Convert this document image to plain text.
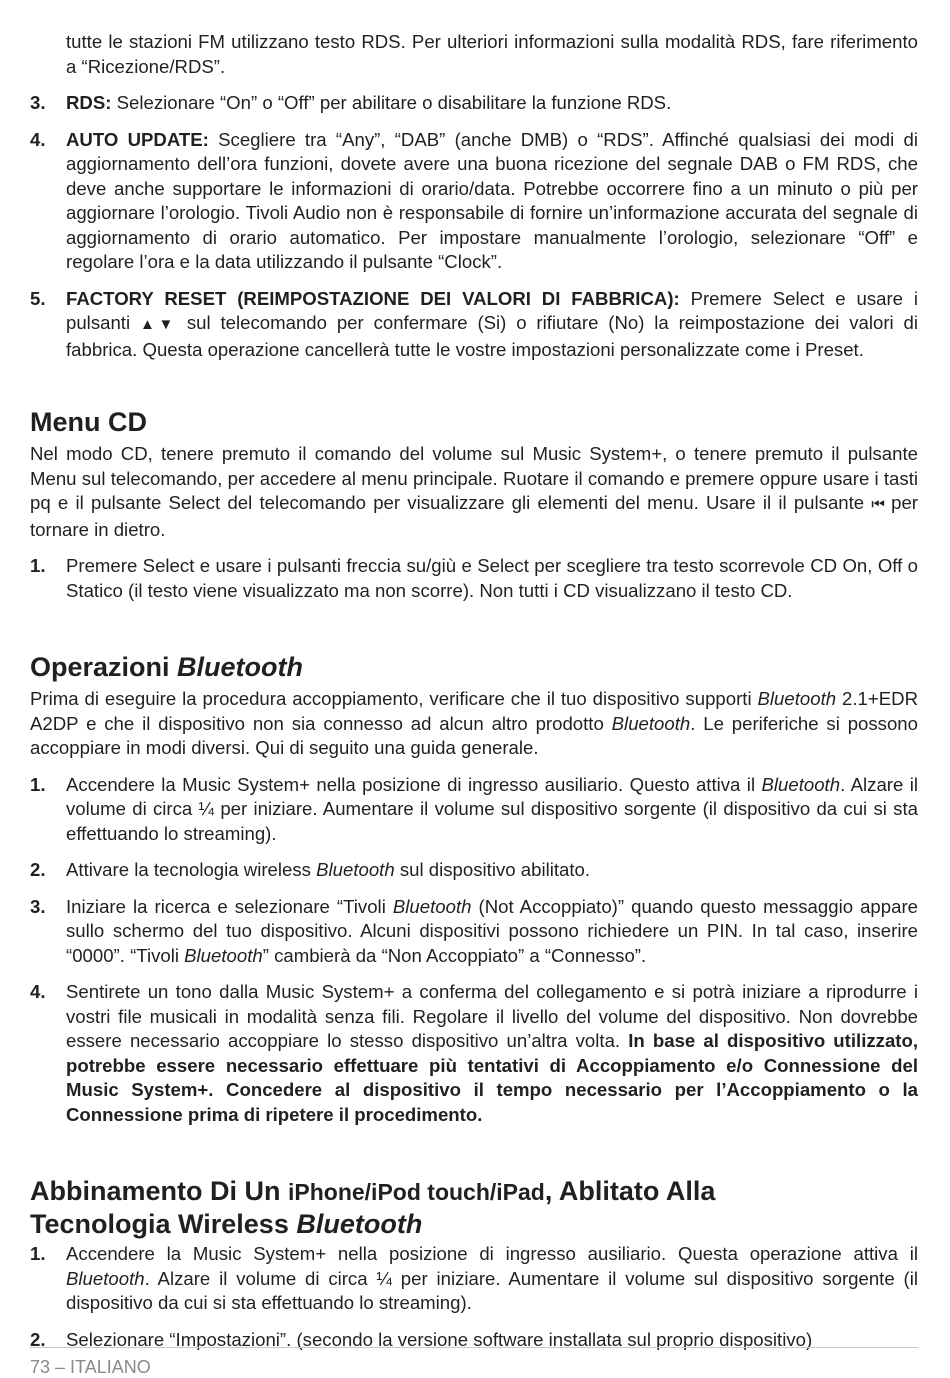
tutte le stazioni FM utilizzano testo RDS. Per ulteriori informazioni sulla modalità RDS, fare riferimento a “Ricezione/RDS”.

3.	RDS: Selezionare “On” o “Off” per abilitare o disabilitare la funzione RDS.

4.	AUTO UPDATE: Scegliere tra “Any”, “DAB” (anche DMB) o “RDS”. Affinché qualsiasi dei modi di aggiornamento dell’ora funzioni, dovete avere una buona ricezione del segnale DAB o FM RDS, che deve anche supportare le informazioni di orario/data. Potrebbe occorrere fino a un minuto o più per aggiornare l’orologio. Tivoli Audio non è responsabile di fornire un’informazione accurata del segnale di aggiornamento di orario automatico. Per impostare manualmente l’orologio, selezionare “Off” e regolare l’ora e la data utilizzando il pulsante “Clock”.

5.	FACTORY RESET (REIMPOSTAZIONE DEI VALORI DI FABBRICA): Premere Select e usare i pulsanti ▲▼ sul telecomando per confermare (Si) o rifiutare (No) la reimpostazione dei valori di fabbrica. Questa operazione cancellerà tutte le vostre impostazioni personalizzate come i Preset.

Menu CD

Nel modo CD, tenere premuto il comando del volume sul Music System+, o tenere premuto il pulsante Menu sul telecomando, per accedere al menu principale. Ruotare il comando e premere oppure usare i tasti pq e il pulsante Select del telecomando per visualizzare gli elementi del menu. Usare il il pulsante ⏮ per tornare in dietro.

1.	Premere Select e usare i pulsanti freccia su/giù e Select per scegliere tra testo scorrevole CD On, Off o Statico (il testo viene visualizzato ma non scorre). Non tutti i CD visualizzano il testo CD.

Operazioni Bluetooth

Prima di eseguire la procedura accoppiamento, verificare che il tuo dispositivo supporti Bluetooth 2.1+EDR A2DP e che il dispositivo non sia connesso ad alcun altro prodotto Bluetooth. Le periferiche si possono accoppiare in modi diversi. Qui di seguito una guida generale.

1.	Accendere la Music System+ nella posizione di ingresso ausiliario. Questo attiva il Bluetooth. Alzare il volume di circa ¼ per iniziare. Aumentare il volume sul dispositivo sorgente (il dispositivo da cui si sta effettuando lo streaming).

2.	Attivare la tecnologia wireless Bluetooth sul dispositivo abilitato.

3.	Iniziare la ricerca e selezionare “Tivoli Bluetooth (Not Accoppiato)” quando questo messaggio appare sullo schermo del tuo dispositivo. Alcuni dispositivi possono richiedere un PIN. In tal caso, inserire “0000”. “Tivoli Bluetooth” cambierà da “Non Accoppiato” a “Connesso”.

4.	Sentirete un tono dalla Music System+ a conferma del collegamento e si potrà iniziare a riprodurre i vostri file musicali in modalità senza fili. Regolare il livello del volume del dispositivo. Non dovrebbe essere necessario accoppiare lo stesso dispositivo un’altra volta. In base al dispositivo utilizzato, potrebbe essere necessario effettuare più tentativi di Accoppiamento e/o Connessione del Music System+. Concedere al dispositivo il tempo necessario per l’Accoppiamento o la Connessione prima di ripetere il procedimento.

Abbinamento Di Un iPhone/iPod touch/iPad, Ablitato Alla
Tecnologia Wireless Bluetooth
1.	Accendere la Music System+ nella posizione di ingresso ausiliario. Questa operazione attiva il Bluetooth. Alzare il volume di circa ¼ per iniziare. Aumentare il volume sul dispositivo sorgente (il dispositivo da cui si sta effettuando lo streaming).

2.	Selezionare “Impostazioni”. (secondo la versione software installata sul proprio dispositivo)

73 – ITALIANO
